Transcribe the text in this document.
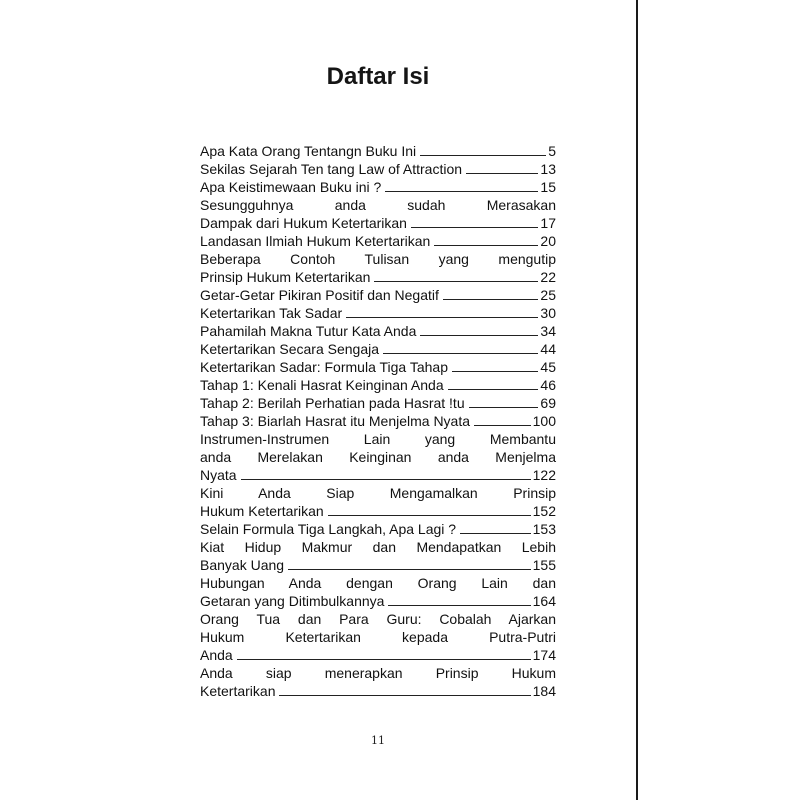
Daftar Isi
Apa Kata Orang Tentangn Buku Ini	5
Sekilas Sejarah Ten tang Law of Attraction	13
Apa Keistimewaan Buku ini ?	15
Sesungguhnya anda sudah Merasakan
Dampak dari Hukum Ketertarikan	17
Landasan Ilmiah Hukum Ketertarikan	20
Beberapa Contoh Tulisan yang mengutip
Prinsip Hukum Ketertarikan	22
Getar-Getar Pikiran Positif dan Negatif	25
Ketertarikan Tak Sadar	30
Pahamilah Makna Tutur Kata Anda	34
Ketertarikan Secara Sengaja	44
Ketertarikan Sadar: Formula Tiga Tahap	45
Tahap 1: Kenali Hasrat Keinginan Anda	46
Tahap 2: Berilah Perhatian pada Hasrat !tu	69
Tahap 3: Biarlah Hasrat itu Menjelma Nyata	100
Instrumen-Instrumen Lain yang Membantu
anda Merelakan Keinginan anda Menjelma
Nyata	122
Kini Anda Siap Mengamalkan Prinsip
Hukum Ketertarikan	152
Selain Formula Tiga Langkah, Apa Lagi ?	153
Kiat Hidup Makmur dan Mendapatkan Lebih
Banyak Uang	155
Hubungan Anda dengan Orang Lain dan
Getaran yang Ditimbulkannya	164
Orang Tua dan Para Guru: Cobalah Ajarkan
Hukum Ketertarikan kepada Putra-Putri
Anda	174
Anda siap menerapkan Prinsip Hukum
Ketertarikan	184
11
